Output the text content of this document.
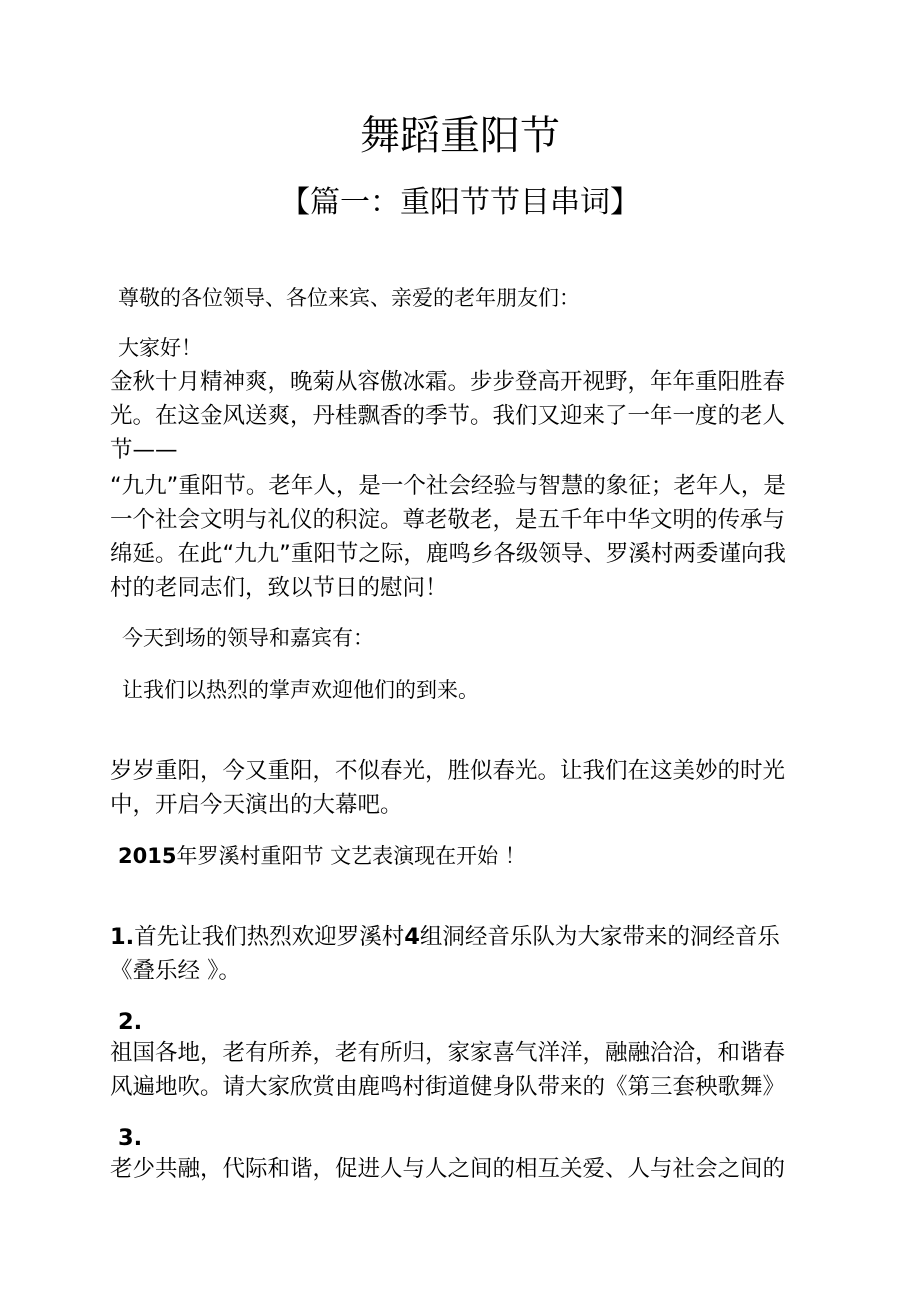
舞蹈重阳节
【篇一：重阳节节目串词】

尊敬的各位领导、各位来宾、亲爱的老年朋友们：

大家好！

金秋十月精神爽，晚菊从容傲冰霜。步步登高开视野，年年重阳胜春
光。在这金风送爽，丹桂飘香的季节。我们又迎来了一年一度的老人
节——

“九九”重阳节。老年人，是一个社会经验与智慧的象征；老年人，是
一个社会文明与礼仪的积淀。尊老敬老，是五千年中华文明的传承与
绵延。在此“九九”重阳节之际，鹿鸣乡各级领导、罗溪村两委谨向我
村的老同志们，致以节日的慰问！

今天到场的领导和嘉宾有：

让我们以热烈的掌声欢迎他们的到来。

岁岁重阳，今又重阳，不似春光，胜似春光。让我们在这美妙的时光
中，开启今天演出的大幕吧。

2015年罗溪村重阳节 文艺表演现在开始 ！

1.首先让我们热烈欢迎罗溪村4组洞经音乐队为大家带来的洞经音乐
《叠乐经 》。

2.

祖国各地，老有所养，老有所归，家家喜气洋洋，融融洽洽，和谐春
风遍地吹。请大家欣赏由鹿鸣村街道健身队带来的《第三套秧歌舞》

3.

老少共融，代际和谐，促进人与人之间的相互关爱、人与社会之间的
